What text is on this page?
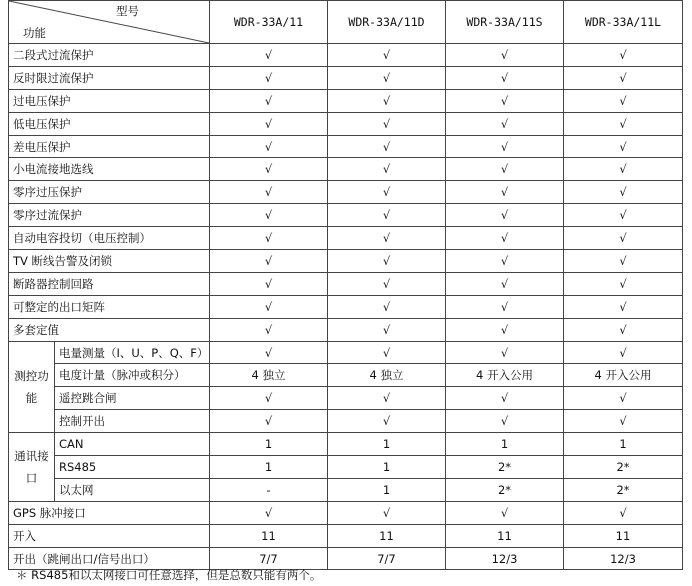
型号
功能		WDR-33A/11	WDR-33A/11D	WDR-33A/11S	WDR-33A/11L
二段式过流保护		√	√	√	√
反时限过流保护		√	√	√	√
过电压保护		√	√	√	√
低电压保护		√	√	√	√
差电压保护		√	√	√	√
小电流接地选线		√	√	√	√
零序过压保护		√	√	√	√
零序过流保护		√	√	√	√
自动电容投切（电压控制）		√	√	√	√
TV 断线告警及闭锁		√	√	√	√
断路器控制回路		√	√	√	√
可整定的出口矩阵		√	√	√	√
多套定值		√	√	√	√
测控功能	电量测量（I、U、P、Q、F）	√	√	√	√
	电度计量（脉冲或积分）	4 独立	4 独立	4 开入公用	4 开入公用
	遥控跳合闸	√	√	√	√
	控制开出	√	√	√	√
通讯接口	CAN	1	1	1	1
	RS485	1	1	2*	2*
	以太网	-	1	2*	2*
GPS 脉冲接口		√	√	√	√
开入		11	11	11	11
开出（跳闸出口/信号出口）		7/7	7/7	12/3	12/3
＊ RS485和以太网接口可任意选择，但是总数只能有两个。
